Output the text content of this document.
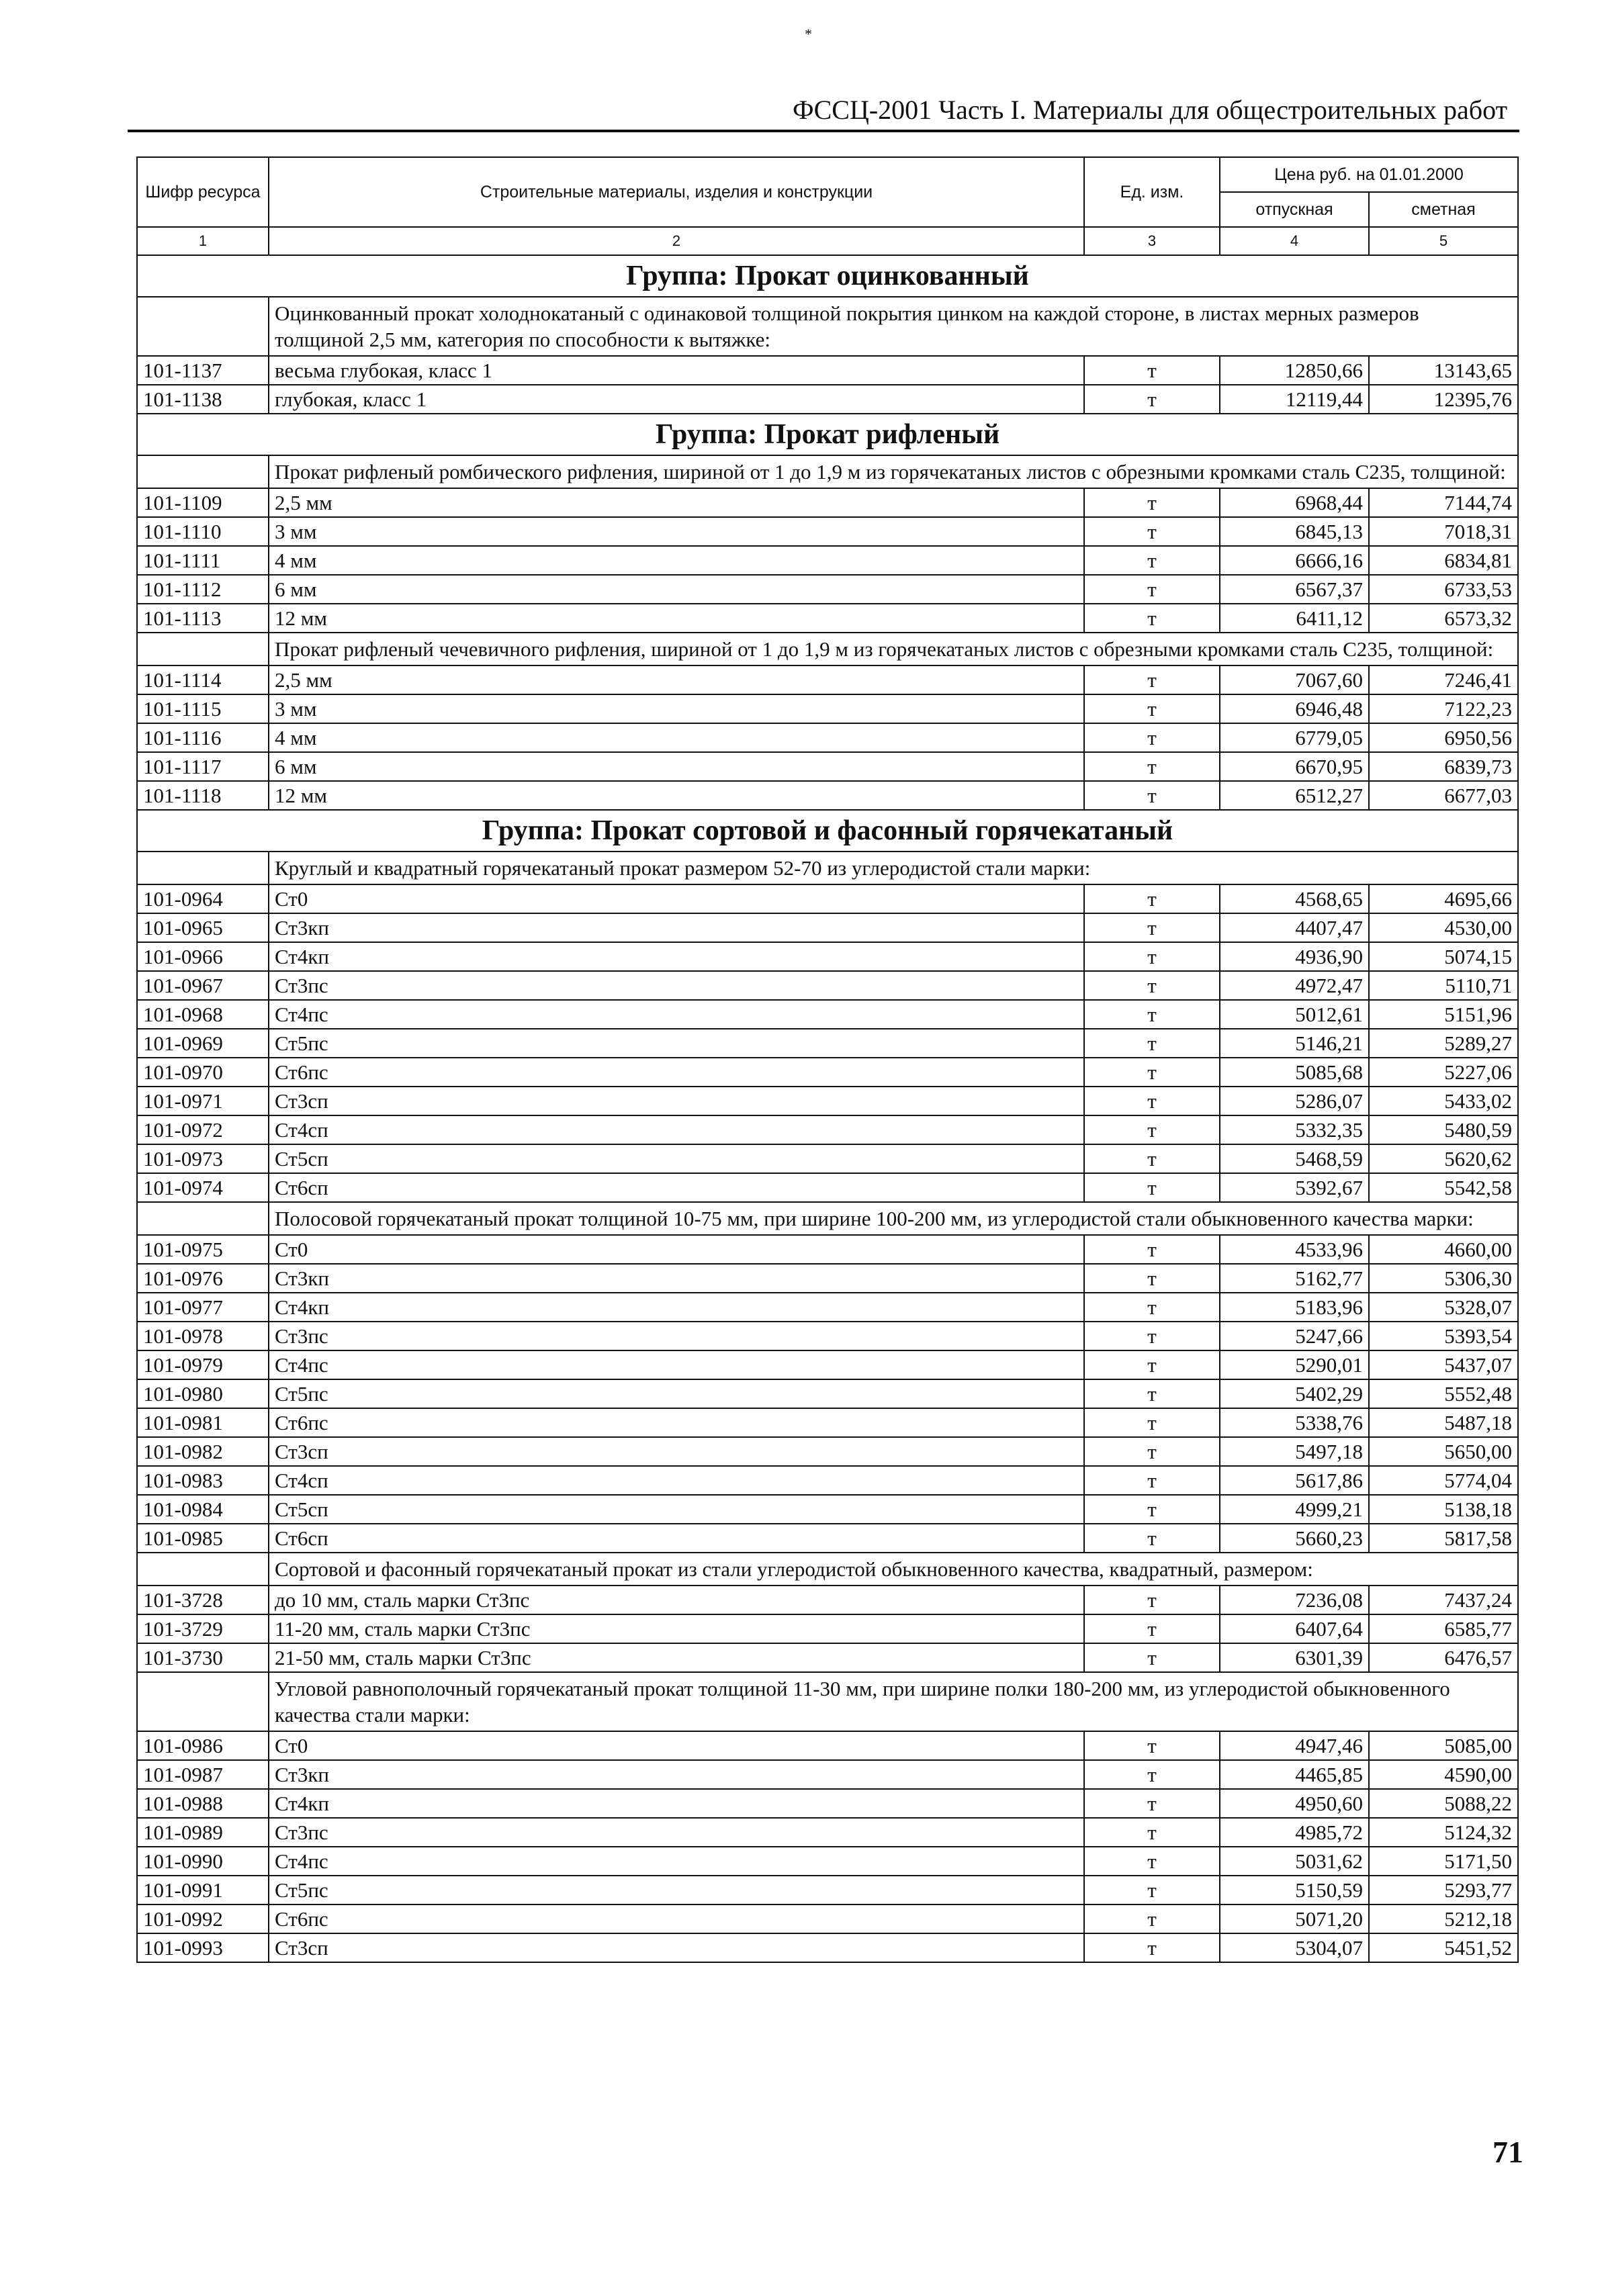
*
ФССЦ-2001 Часть I. Материалы для общестроительных работ
Шифр ресурса	Строительные материалы, изделия и конструкции	Ед. изм.	Цена руб. на 01.01.2000	
			отпускная	сметная
1	2	3	4	5
Группа: Прокат оцинкованный				
	Оцинкованный прокат холоднокатаный с одинаковой толщиной покрытия цинком на каждой стороне, в листах мерных размеров толщиной 2,5 мм, категория по способности к вытяжке:			
101-1137	весьма глубокая, класс 1	т	12850,66	13143,65
101-1138	глубокая, класс 1	т	12119,44	12395,76
Группа: Прокат рифленый				
	Прокат рифленый ромбического рифления, шириной от 1 до 1,9 м из горячекатаных листов с обрезными кромками сталь С235, толщиной:			
101-1109	2,5 мм	т	6968,44	7144,74
101-1110	3 мм	т	6845,13	7018,31
101-1111	4 мм	т	6666,16	6834,81
101-1112	6 мм	т	6567,37	6733,53
101-1113	12 мм	т	6411,12	6573,32
	Прокат рифленый чечевичного рифления, шириной от 1 до 1,9 м из горячекатаных листов с обрезными кромками сталь С235, толщиной:			
101-1114	2,5 мм	т	7067,60	7246,41
101-1115	3 мм	т	6946,48	7122,23
101-1116	4 мм	т	6779,05	6950,56
101-1117	6 мм	т	6670,95	6839,73
101-1118	12 мм	т	6512,27	6677,03
Группа: Прокат сортовой и фасонный горячекатаный				
	Круглый и квадратный горячекатаный прокат размером 52-70 из углеродистой стали марки:			
101-0964	Ст0	т	4568,65	4695,66
101-0965	Ст3кп	т	4407,47	4530,00
101-0966	Ст4кп	т	4936,90	5074,15
101-0967	Ст3пс	т	4972,47	5110,71
101-0968	Ст4пс	т	5012,61	5151,96
101-0969	Ст5пс	т	5146,21	5289,27
101-0970	Ст6пс	т	5085,68	5227,06
101-0971	Ст3сп	т	5286,07	5433,02
101-0972	Ст4сп	т	5332,35	5480,59
101-0973	Ст5сп	т	5468,59	5620,62
101-0974	Ст6сп	т	5392,67	5542,58
	Полосовой горячекатаный прокат толщиной 10-75 мм, при ширине 100-200 мм, из углеродистой стали обыкновенного качества марки:			
101-0975	Ст0	т	4533,96	4660,00
101-0976	Ст3кп	т	5162,77	5306,30
101-0977	Ст4кп	т	5183,96	5328,07
101-0978	Ст3пс	т	5247,66	5393,54
101-0979	Ст4пс	т	5290,01	5437,07
101-0980	Ст5пс	т	5402,29	5552,48
101-0981	Ст6пс	т	5338,76	5487,18
101-0982	Ст3сп	т	5497,18	5650,00
101-0983	Ст4сп	т	5617,86	5774,04
101-0984	Ст5сп	т	4999,21	5138,18
101-0985	Ст6сп	т	5660,23	5817,58
	Сортовой и фасонный горячекатаный прокат из стали углеродистой обыкновенного качества, квадратный, размером:			
101-3728	до 10 мм, сталь марки Ст3пс	т	7236,08	7437,24
101-3729	11-20 мм, сталь марки Ст3пс	т	6407,64	6585,77
101-3730	21-50 мм, сталь марки Ст3пс	т	6301,39	6476,57
	Угловой равнополочный горячекатаный прокат толщиной 11-30 мм, при ширине полки 180-200 мм, из углеродистой обыкновенного качества стали марки:			
101-0986	Ст0	т	4947,46	5085,00
101-0987	Ст3кп	т	4465,85	4590,00
101-0988	Ст4кп	т	4950,60	5088,22
101-0989	Ст3пс	т	4985,72	5124,32
101-0990	Ст4пс	т	5031,62	5171,50
101-0991	Ст5пс	т	5150,59	5293,77
101-0992	Ст6пс	т	5071,20	5212,18
101-0993	Ст3сп	т	5304,07	5451,52
71
